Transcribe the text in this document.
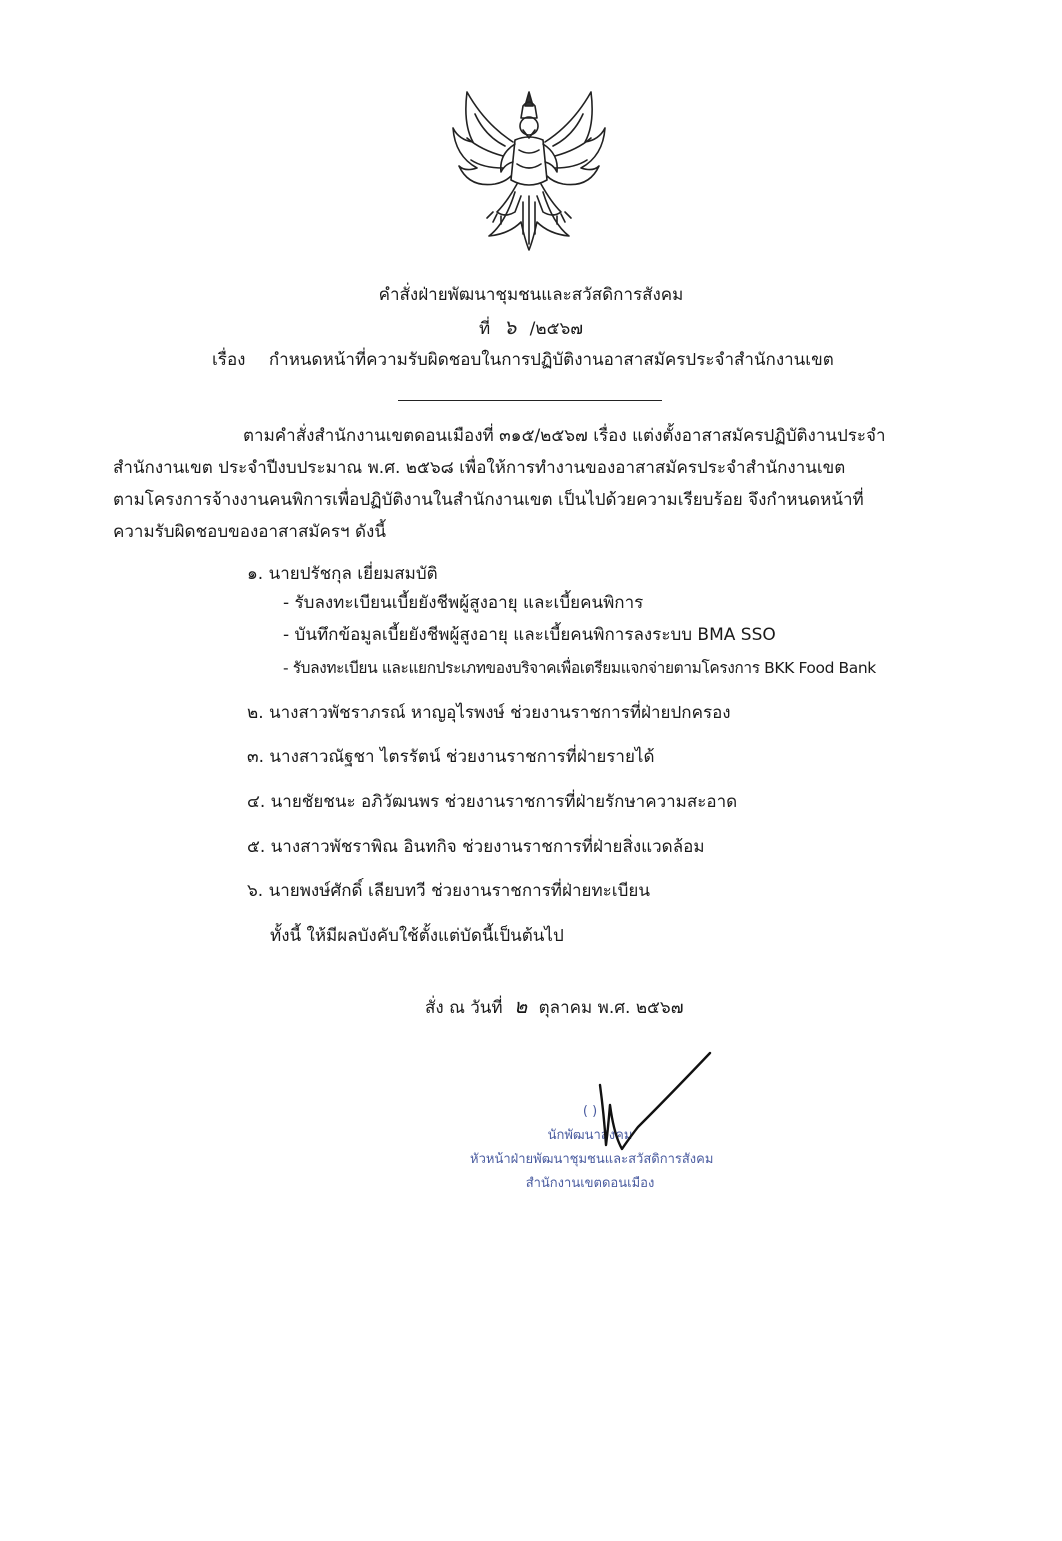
คำสั่งฝ่ายพัฒนาชุมชนและสวัสดิการสังคม
ที่ ๖ /๒๕๖๗
เรื่อง กำหนดหน้าที่ความรับผิดชอบในการปฏิบัติงานอาสาสมัครประจำสำนักงานเขต
ตามคำสั่งสำนักงานเขตดอนเมืองที่ ๓๑๕/๒๕๖๗ เรื่อง แต่งตั้งอาสาสมัครปฏิบัติงานประจำ
สำนักงานเขต ประจำปีงบประมาณ พ.ศ. ๒๕๖๘ เพื่อให้การทำงานของอาสาสมัครประจำสำนักงานเขต
ตามโครงการจ้างงานคนพิการเพื่อปฏิบัติงานในสำนักงานเขต เป็นไปด้วยความเรียบร้อย จึงกำหนดหน้าที่
ความรับผิดชอบของอาสาสมัครฯ ดังนี้
๑. นายปรัชกุล เยี่ยมสมบัติ
- รับลงทะเบียนเบี้ยยังชีพผู้สูงอายุ และเบี้ยคนพิการ
- บันทึกข้อมูลเบี้ยยังชีพผู้สูงอายุ และเบี้ยคนพิการลงระบบ BMA SSO
- รับลงทะเบียน และแยกประเภทของบริจาคเพื่อเตรียมแจกจ่ายตามโครงการ BKK Food Bank
๒. นางสาวพัชราภรณ์ หาญอุไรพงษ์ ช่วยงานราชการที่ฝ่ายปกครอง
๓. นางสาวณัฐชา ไตรรัตน์ ช่วยงานราชการที่ฝ่ายรายได้
๔. นายชัยชนะ อภิวัฒนพร ช่วยงานราชการที่ฝ่ายรักษาความสะอาด
๕. นางสาวพัชราพิณ อินทกิจ ช่วยงานราชการที่ฝ่ายสิ่งแวดล้อม
๖. นายพงษ์ศักดิ์ เลียบทวี ช่วยงานราชการที่ฝ่ายทะเบียน
ทั้งนี้ ให้มีผลบังคับใช้ตั้งแต่บัดนี้เป็นต้นไป
สั่ง ณ วันที่ ๒ ตุลาคม พ.ศ. ๒๕๖๗
( )
นักพัฒนาสังคม
หัวหน้าฝ่ายพัฒนาชุมชนและสวัสดิการสังคม
สำนักงานเขตดอนเมือง
